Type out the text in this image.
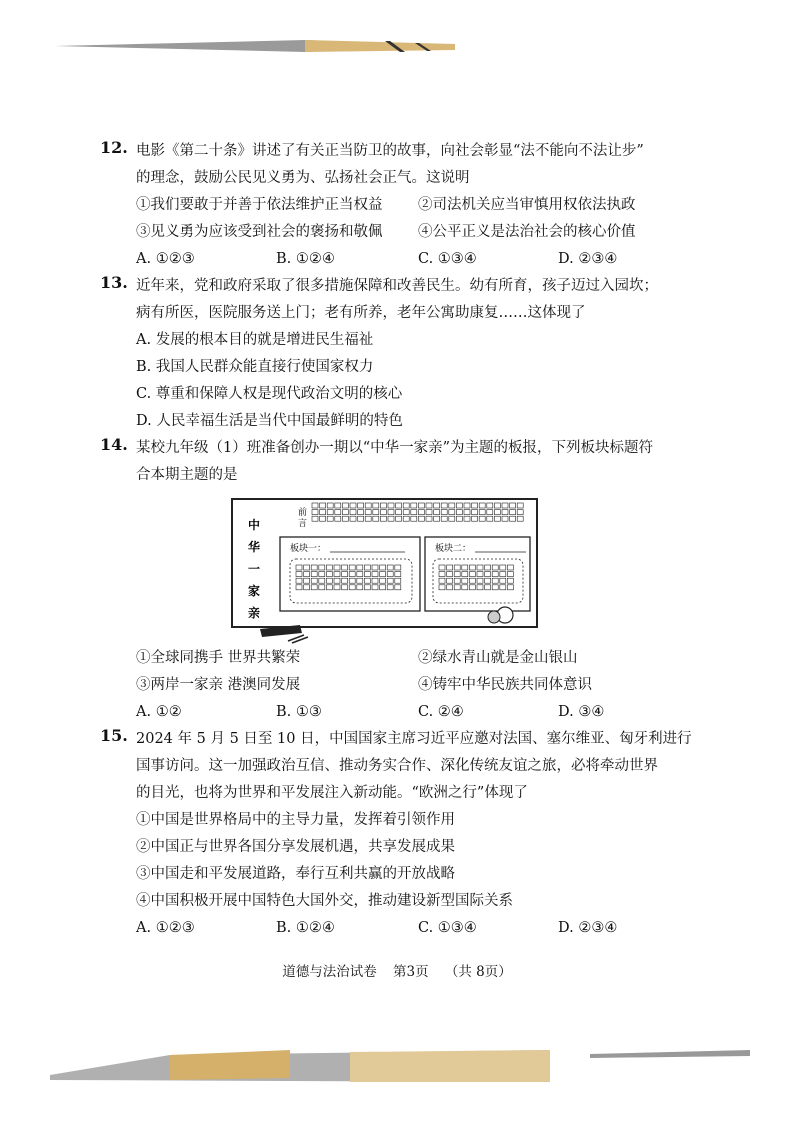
12. 电影《第二十条》讲述了有关正当防卫的故事，向社会彰显“法不能向不法让步”
的理念，鼓励公民见义勇为、弘扬社会正气。这说明
①我们要敢于并善于依法维护正当权益	②司法机关应当审慎用权依法执政
③见义勇为应该受到社会的褒扬和敬佩	④公平正义是法治社会的核心价值
A. ①②③	B. ①②④	C. ①③④	D. ②③④
13. 近年来，党和政府采取了很多措施保障和改善民生。幼有所育，孩子迈过入园坎；
病有所医，医院服务送上门；老有所养，老年公寓助康复……这体现了
A. 发展的根本目的就是增进民生福祉
B. 我国人民群众能直接行使国家权力
C. 尊重和保障人权是现代政治文明的核心
D. 人民幸福生活是当代中国最鲜明的特色
14. 某校九年级（1）班准备创办一期以“中华一家亲”为主题的板报，下列板块标题符
合本期主题的是
中
华
一
家
亲
前
言
板块一：	板块二：
①全球同携手 世界共繁荣	②绿水青山就是金山银山
③两岸一家亲 港澳同发展	④铸牢中华民族共同体意识
A. ①②	B. ①③	C. ②④	D. ③④
15. 2024 年 5 月 5 日至 10 日，中国国家主席习近平应邀对法国、塞尔维亚、匈牙利进行
国事访问。这一加强政治互信、推动务实合作、深化传统友谊之旅，必将牵动世界
的目光，也将为世界和平发展注入新动能。“欧洲之行”体现了
①中国是世界格局中的主导力量，发挥着引领作用
②中国正与世界各国分享发展机遇，共享发展成果
③中国走和平发展道路，奉行互利共赢的开放战略
④中国积极开展中国特色大国外交，推动建设新型国际关系
A. ①②③	B. ①②④	C. ①③④	D. ②③④
道德与法治试卷 第3页 （共 8页）
